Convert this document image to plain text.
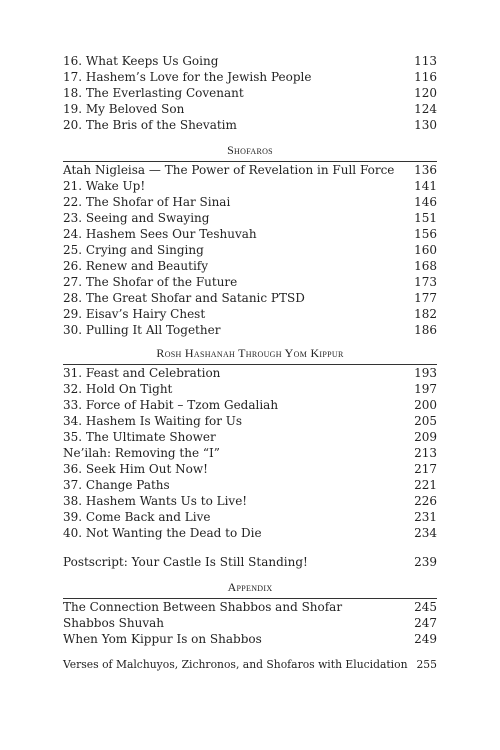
16. What Keeps Us Going	113
17. Hashem’s Love for the Jewish People	116
18. The Everlasting Covenant	120
19. My Beloved Son	124
20. The Bris of the Shevatim	130
Shofaros
Atah Nigleisa — The Power of Revelation in Full Force 136
21. Wake Up!	141
22. The Shofar of Har Sinai	146
23. Seeing and Swaying	151
24. Hashem Sees Our Teshuvah	156
25. Crying and Singing	160
26. Renew and Beautify	168
27. The Shofar of the Future	173
28. The Great Shofar and Satanic PTSD	177
29. Eisav’s Hairy Chest	182
30. Pulling It All Together	186
Rosh Hashanah Through Yom Kippur
31. Feast and Celebration	193
32. Hold On Tight	197
33. Force of Habit – Tzom Gedaliah	200
34. Hashem Is Waiting for Us	205
35. The Ultimate Shower	209
Ne’ilah: Removing the “I”	213
36. Seek Him Out Now!	217
37. Change Paths	221
38. Hashem Wants Us to Live!	226
39. Come Back and Live	231
40. Not Wanting the Dead to Die	234
Postscript: Your Castle Is Still Standing!	239
Appendix
The Connection Between Shabbos and Shofar	245
Shabbos Shuvah	247
When Yom Kippur Is on Shabbos	249
Verses of Malchuyos, Zichronos, and Shofaros with Elucidation 255
